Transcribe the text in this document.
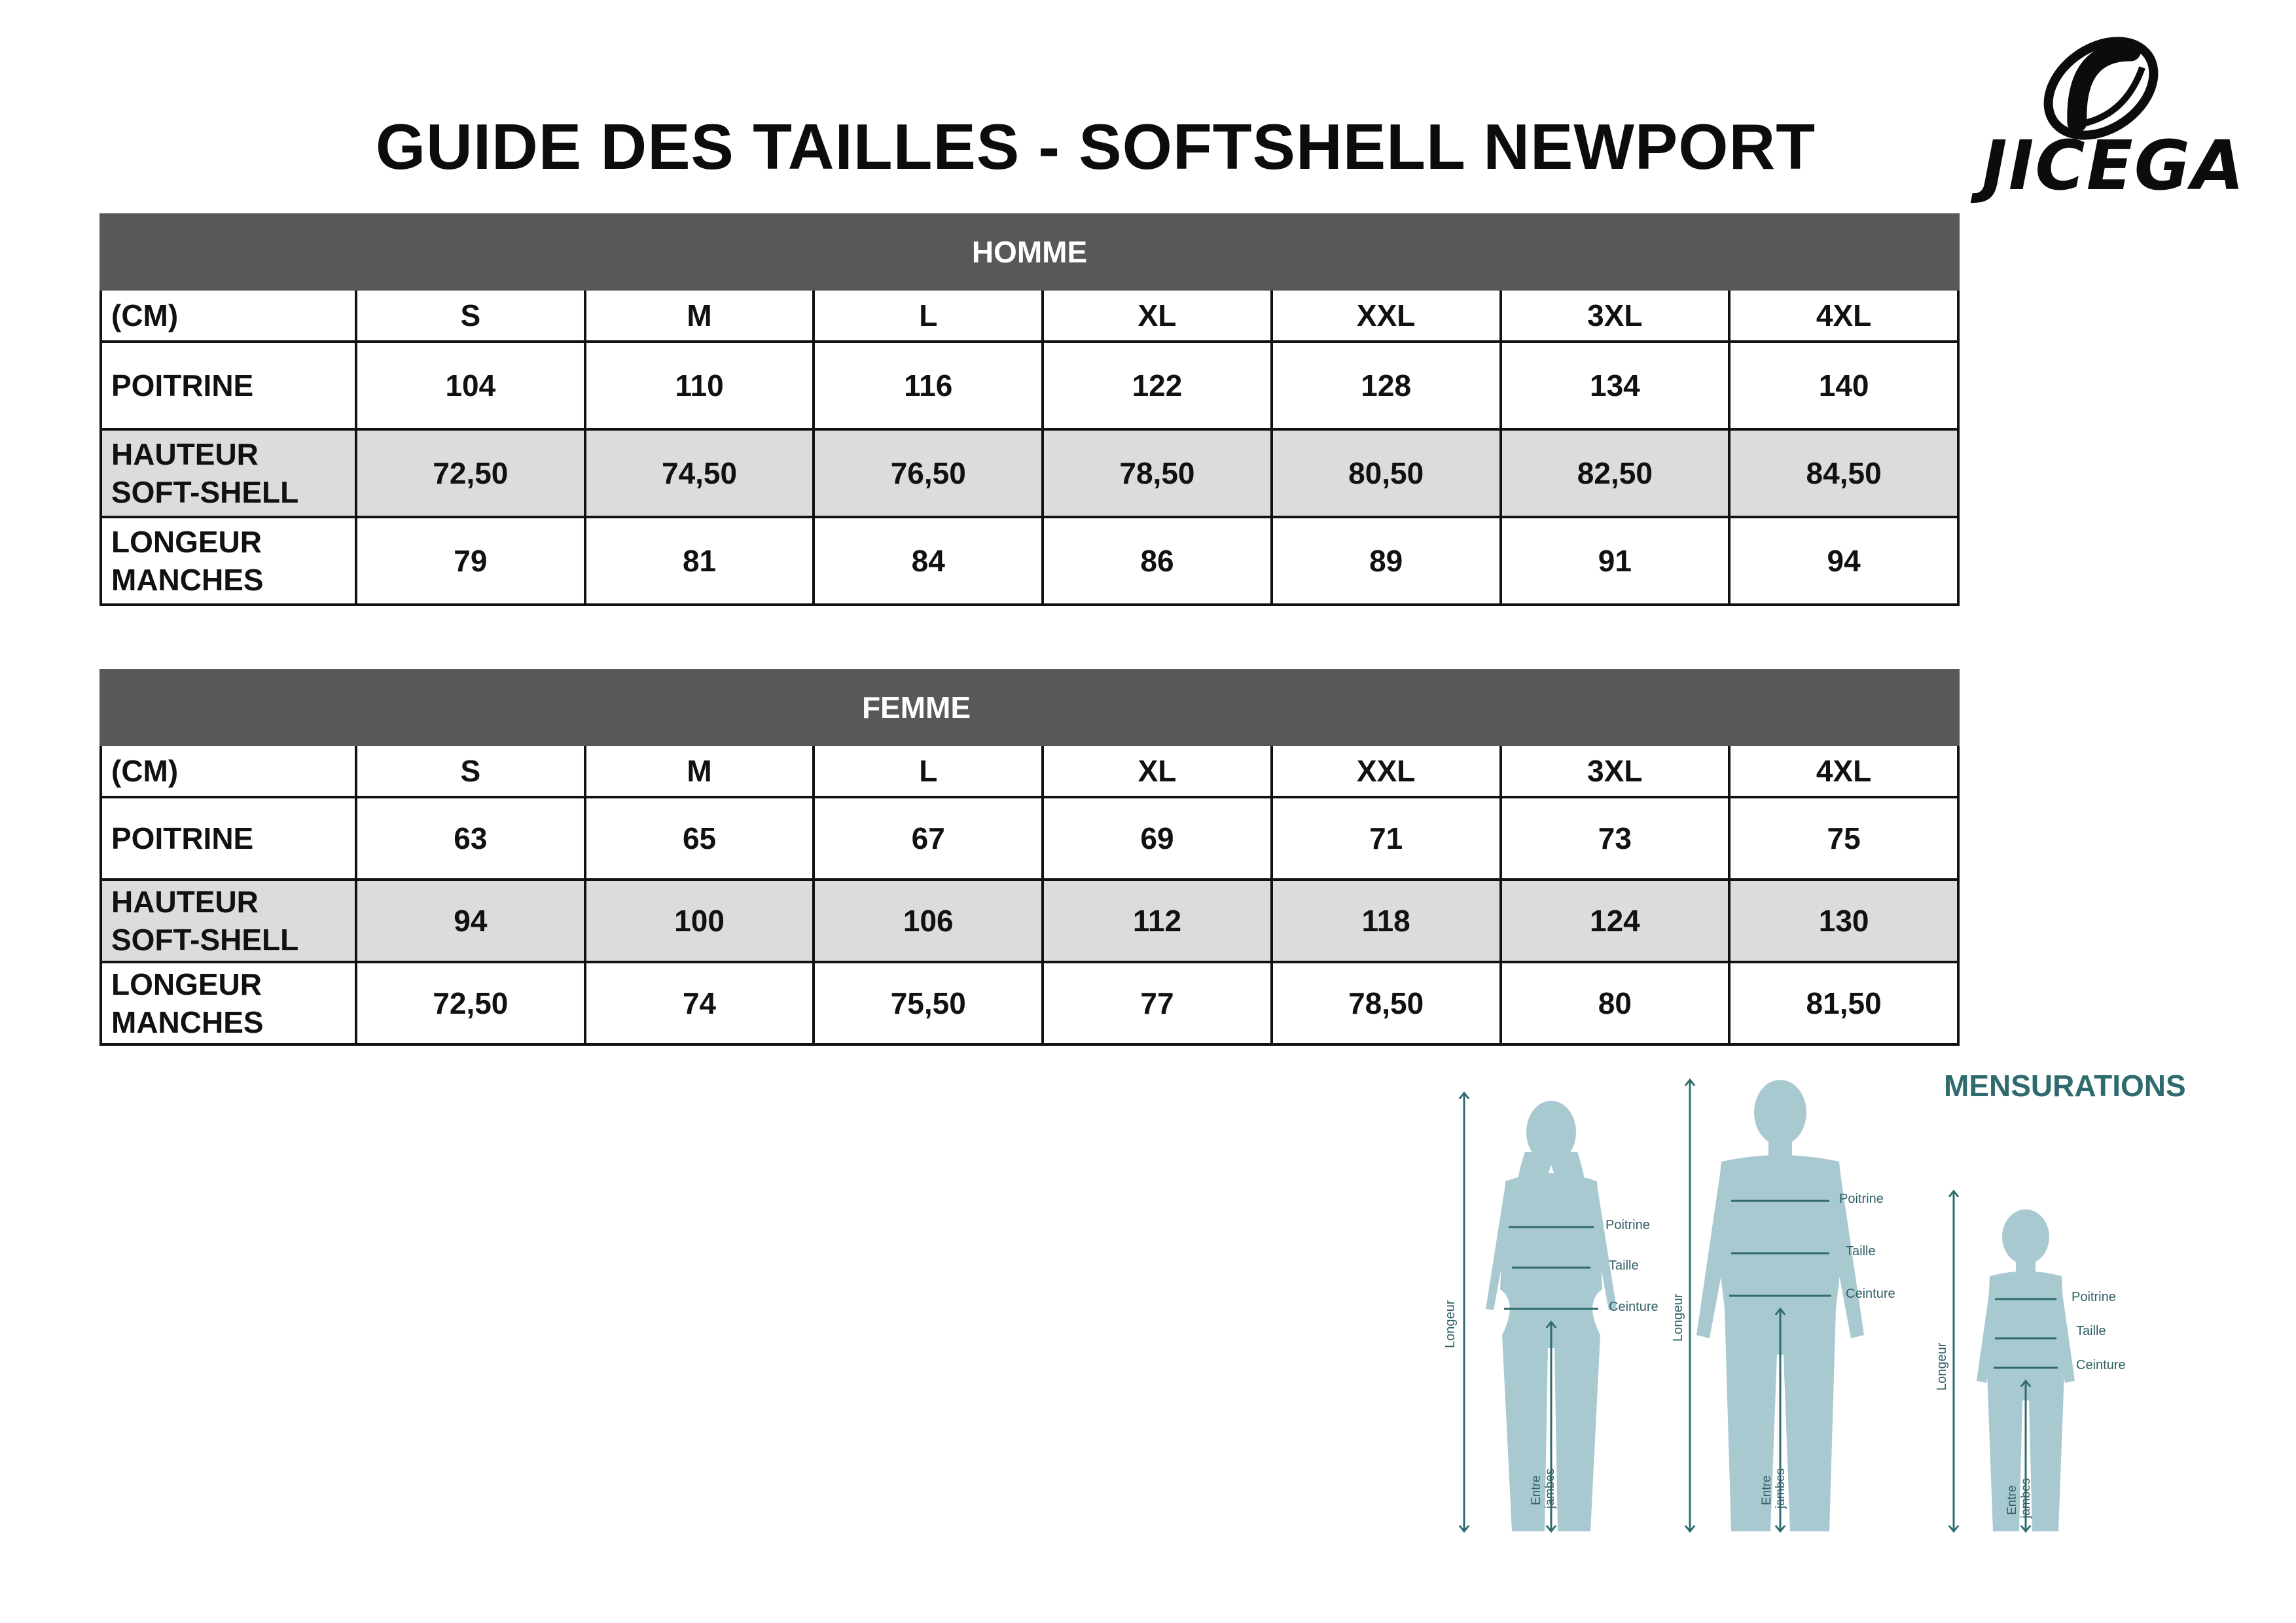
GUIDE DES TAILLES - SOFTSHELL NEWPORT	JICEGA
HOMME							
(CM)	S	M	L	XL	XXL	3XL	4XL
POITRINE	104	110	116	122	128	134	140
HAUTEUR SOFT-SHELL	72,50	74,50	76,50	78,50	80,50	82,50	84,50
LONGEUR MANCHES	79	81	84	86	89	91	94
FEMME							
(CM)	S	M	L	XL	XXL	3XL	4XL
POITRINE	63	65	67	69	71	73	75
HAUTEUR SOFT-SHELL	94	100	106	112	118	124	130
LONGEUR MANCHES	72,50	74	75,50	77	78,50	80	81,50
MENSURATIONS
Poitrine
Taille
Ceinture
Longeur
Entre jambes
Poitrine
Taille
Ceinture
Longeur
Entre jambes
Poitrine
Taille
Ceinture
Longeur
Entre jambes
